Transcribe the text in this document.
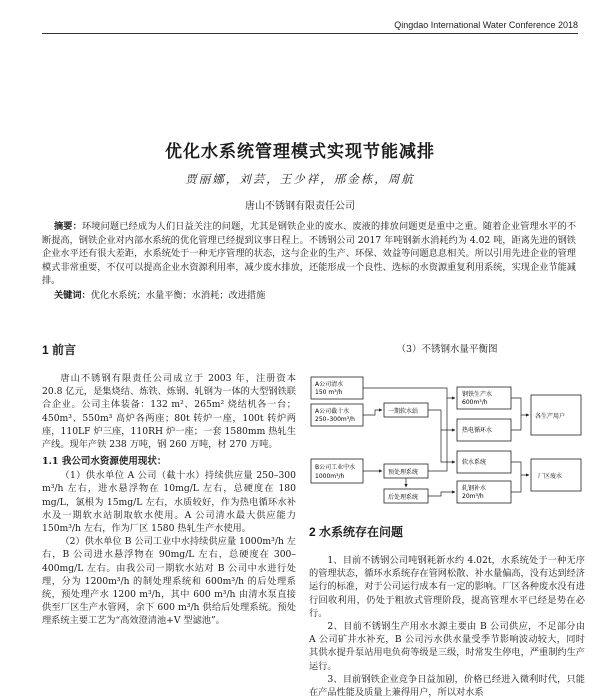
Qingdao International Water Conference 2018
优化水系统管理模式实现节能减排
贾丽娜，刘芸，王少祥，邢金栋，周航
唐山不锈钢有限责任公司
摘要：环境问题已经成为人们日益关注的问题，尤其是钢铁企业的废水、废液的排放问题更是重中之重。随着企业管理水平的不断提高，钢铁企业对内部水系统的优化管理已经提到议事日程上。不锈钢公司 2017 年吨钢新水消耗约为 4.02 吨，距离先进的钢铁企业水平还有很大差距，水系统处于一种无序管理的状态，这与企业的生产、环保、效益等问题息息相关。所以引用先进企业的管理模式非常重要，不仅可以提高企业水资源利用率，减少废水排放，还能形成一个良性、选标的水资源重复利用系统，实现企业节能减排。
关键词：优化水系统；水量平衡；水消耗；改进措施
1 前言

唐山不锈钢有限责任公司成立于 2003 年，注册资本 20.8 亿元，是集烧结、炼铁、炼钢、轧钢为一体的大型钢铁联合企业。公司主体装备：132 m²、265m² 烧结机各一台；450m³、550m³ 高炉各两座；80t 转炉一座，100t 转炉两座，110LF 炉三座，110RH 炉一座；一套 1580mm 热轧生产线。现年产铁 238 万吨，钢 260 万吨，材 270 万吨。

1.1 我公司水资源使用现状：

（1）供水单位 A 公司（截十水）持续供应量 250–300 m³/h 左右，进水悬浮物在 10mg/L 左右，总硬度在 180 mg/L，氯根为 15mg/L 左右，水质较好，作为热电循环水补水及一期软水站制取软水使用。A 公司清水最大供应能力 150m³/h 左右，作为厂区 1580 热轧生产水使用。

（2）供水单位 B 公司工业中水持续供应量 1000m³/h 左右，B 公司进水悬浮物在 90mg/L 左右，总硬度在 300–400mg/L 左右。由我公司一期软水站对 B 公司中水进行处理，分为 1200m³/h 的制处理系统和 600m³/h 的后处理系统，预处理产水 1200 m³/h，其中 600 m³/h 由清水泵直接供至厂区生产水管网，余下 600 m³/h 供给后处理系统。预处理系统主要工艺为“高效澄清池+V 型滤池”。

（3）不锈钢水量平衡图
A公司清水
150 m³/h
A公司截十水
250–300m³/h
B公司工业中水
1000m³/h
一期软水站
预处理系统
后处理系统
钢铁生产水
600m³/h
热电循环水
软水系统
轧钢补水
20m³/h
各生产用户
厂区废水
2 水系统存在问题

1、目前不锈钢公司吨钢耗新水约 4.02t，水系统处于一种无序的管理状态，循环水系统存在管网松散、补水量偏高，没有达到经济运行的标准，对于公司运行成本有一定的影响。厂区各种废水没有进行回收利用，仍处于粗放式管理阶段，提高管理水平已经是势在必行。

2、目前不锈钢生产用水水源主要由 B 公司供应，不足部分由 A 公司矿井水补充，B 公司污水供水量受季节影响波动较大，同时其供水提升泵站用电负荷等级是三级，时常发生停电，严重制约生产运行。

3、目前钢铁企业竞争日益加剧，价格已经进入微利时代，只能在产品性能及质量上兼得用户，所以对水系
